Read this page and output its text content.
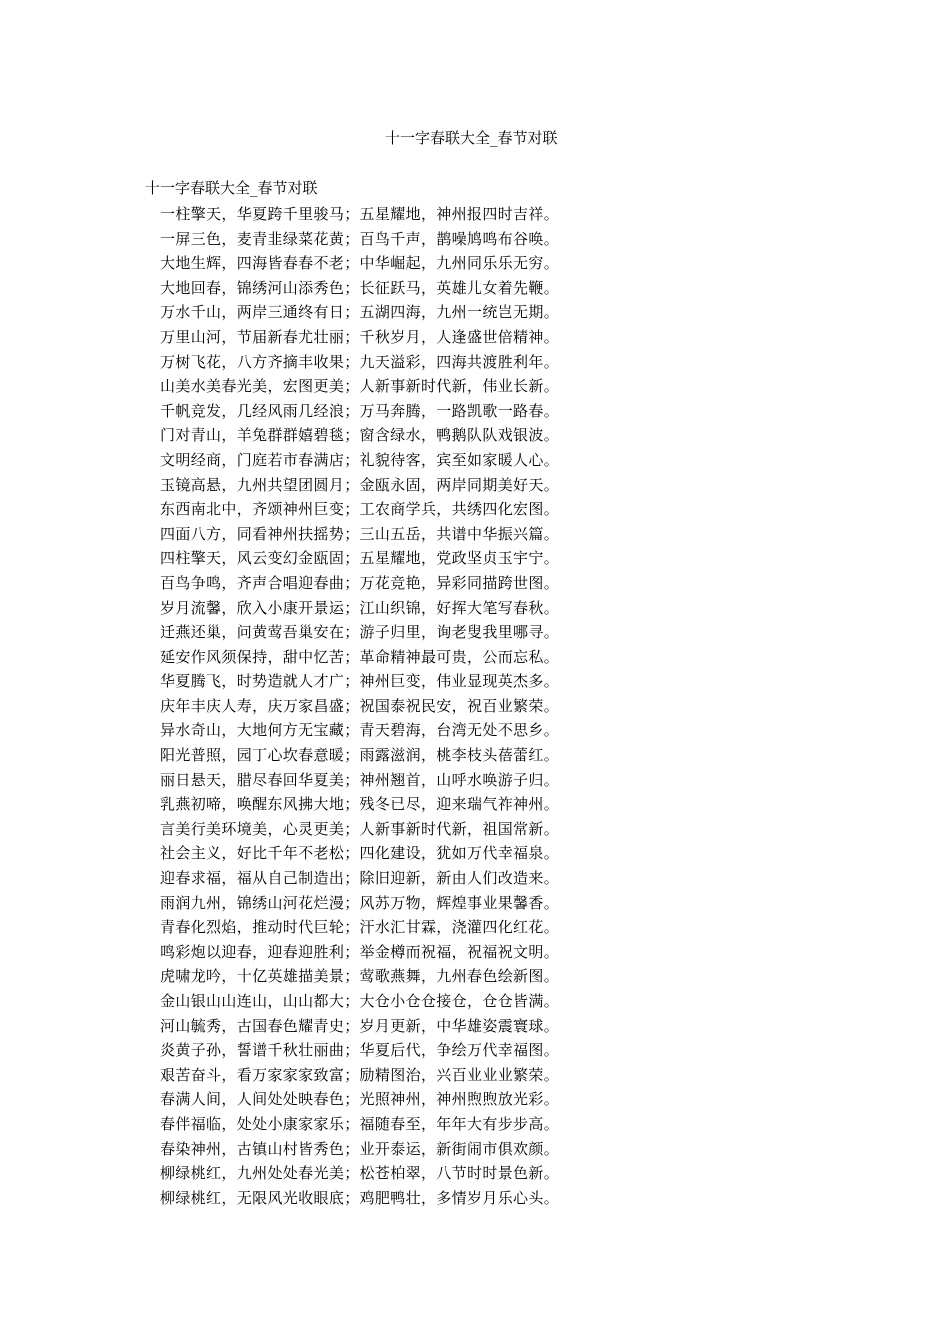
十一字春联大全_春节对联
十一字春联大全_春节对联
一柱擎天，华夏跨千里骏马；五星耀地，神州报四时吉祥。
一屏三色，麦青韭绿菜花黄；百鸟千声，鹊噪鸠鸣布谷唤。
大地生辉，四海皆春春不老；中华崛起，九州同乐乐无穷。
大地回春，锦绣河山添秀色；长征跃马，英雄儿女着先鞭。
万水千山，两岸三通终有日；五湖四海，九州一统岂无期。
万里山河，节届新春尤壮丽；千秋岁月，人逢盛世倍精神。
万树飞花，八方齐摘丰收果；九天溢彩，四海共渡胜利年。
山美水美春光美，宏图更美；人新事新时代新，伟业长新。
千帆竞发，几经风雨几经浪；万马奔腾，一路凯歌一路春。
门对青山，羊兔群群嬉碧毯；窗含绿水，鸭鹅队队戏银波。
文明经商，门庭若市春满店；礼貌待客，宾至如家暖人心。
玉镜高悬，九州共望团圆月；金瓯永固，两岸同期美好天。
东西南北中，齐颂神州巨变；工农商学兵，共绣四化宏图。
四面八方，同看神州扶摇势；三山五岳，共谱中华振兴篇。
四柱擎天，风云变幻金瓯固；五星耀地，党政坚贞玉宇宁。
百鸟争鸣，齐声合唱迎春曲；万花竞艳，异彩同描跨世图。
岁月流馨，欣入小康开景运；江山织锦，好挥大笔写春秋。
迁燕还巢，问黄莺吾巢安在；游子归里，询老叟我里哪寻。
延安作风须保持，甜中忆苦；革命精神最可贵，公而忘私。
华夏腾飞，时势造就人才广；神州巨变，伟业显现英杰多。
庆年丰庆人寿，庆万家昌盛；祝国泰祝民安，祝百业繁荣。
异水奇山，大地何方无宝藏；青天碧海，台湾无处不思乡。
阳光普照，园丁心坎春意暖；雨露滋润，桃李枝头蓓蕾红。
丽日悬天，腊尽春回华夏美；神州翘首，山呼水唤游子归。
乳燕初啼，唤醒东风拂大地；残冬已尽，迎来瑞气祚神州。
言美行美环境美，心灵更美；人新事新时代新，祖国常新。
社会主义，好比千年不老松；四化建设，犹如万代幸福泉。
迎春求福，福从自己制造出；除旧迎新，新由人们改造来。
雨润九州，锦绣山河花烂漫；风苏万物，辉煌事业果馨香。
青春化烈焰，推动时代巨轮；汗水汇甘霖，浇灌四化红花。
鸣彩炮以迎春，迎春迎胜利；举金樽而祝福，祝福祝文明。
虎啸龙吟，十亿英雄描美景；莺歌燕舞，九州春色绘新图。
金山银山山连山，山山都大；大仓小仓仓接仓，仓仓皆满。
河山毓秀，古国春色耀青史；岁月更新，中华雄姿震寰球。
炎黄子孙，誓谱千秋壮丽曲；华夏后代，争绘万代幸福图。
艰苦奋斗，看万家家家致富；励精图治，兴百业业业繁荣。
春满人间，人间处处映春色；光照神州，神州煦煦放光彩。
春伴福临，处处小康家家乐；福随春至，年年大有步步高。
春染神州，古镇山村皆秀色；业开泰运，新街闹市俱欢颜。
柳绿桃红，九州处处春光美；松苍柏翠，八节时时景色新。
柳绿桃红，无限风光收眼底；鸡肥鸭壮，多情岁月乐心头。
